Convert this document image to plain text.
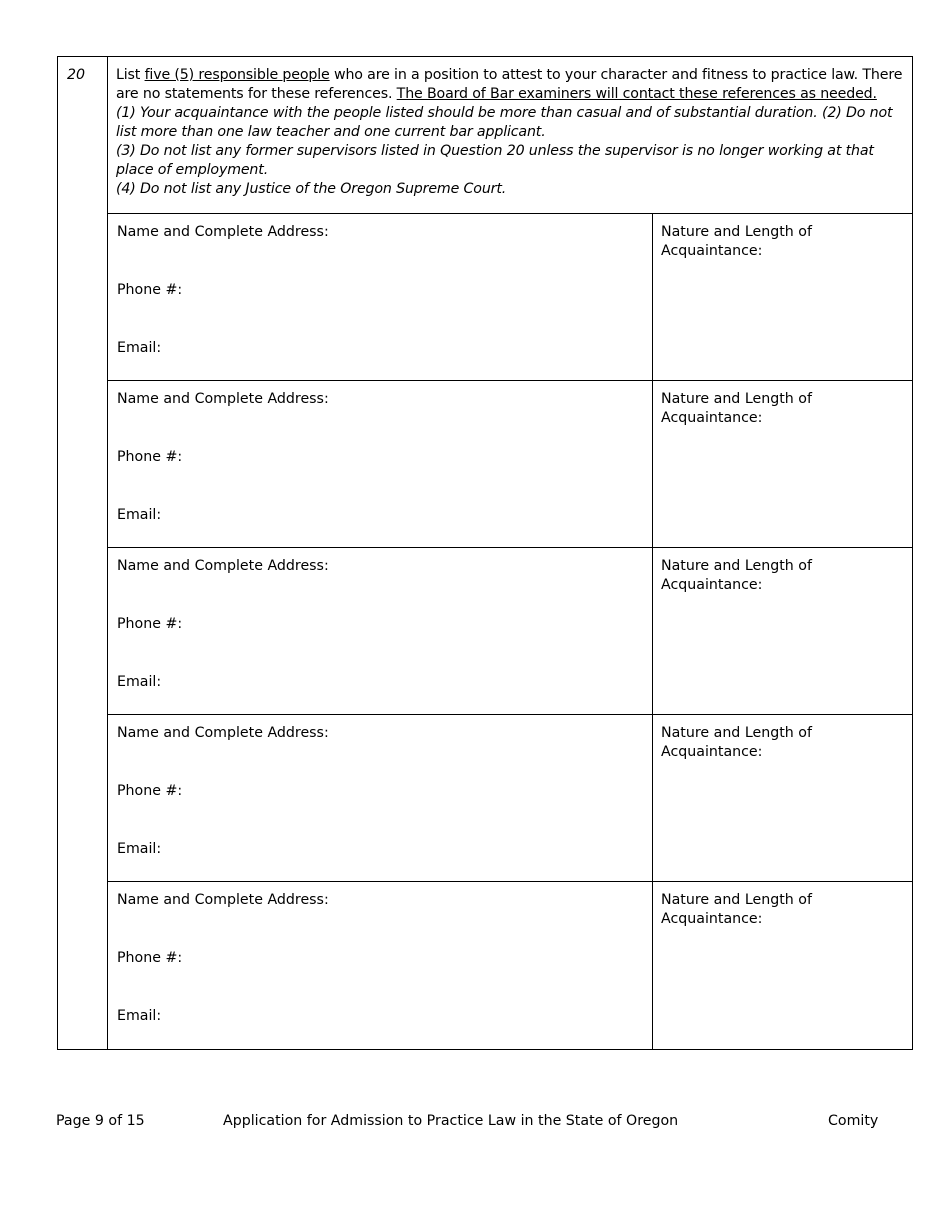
20	List five (5) responsible people who are in a position to attest to your character and fitness to practice law. There are no statements for these references. The Board of Bar examiners will contact these references as needed.

(1) Your acquaintance with the people listed should be more than casual and of substantial duration. (2) Do not list more than one law teacher and one current bar applicant.

(3) Do not list any former supervisors listed in Question 20 unless the supervisor is no longer working at that place of employment.

(4) Do not list any Justice of the Oregon Supreme Court.

Name and Complete Address:
Phone #:
Email:
Nature and Length of Acquaintance:
Name and Complete Address:
Phone #:
Email:
Nature and Length of Acquaintance:
Name and Complete Address:
Phone #:
Email:
Nature and Length of Acquaintance:
Name and Complete Address:
Phone #:
Email:
Nature and Length of Acquaintance:
Name and Complete Address:
Phone #:
Email:
Nature and Length of Acquaintance:
Page 9 of 15	Application for Admission to Practice Law in the State of Oregon	Comity
